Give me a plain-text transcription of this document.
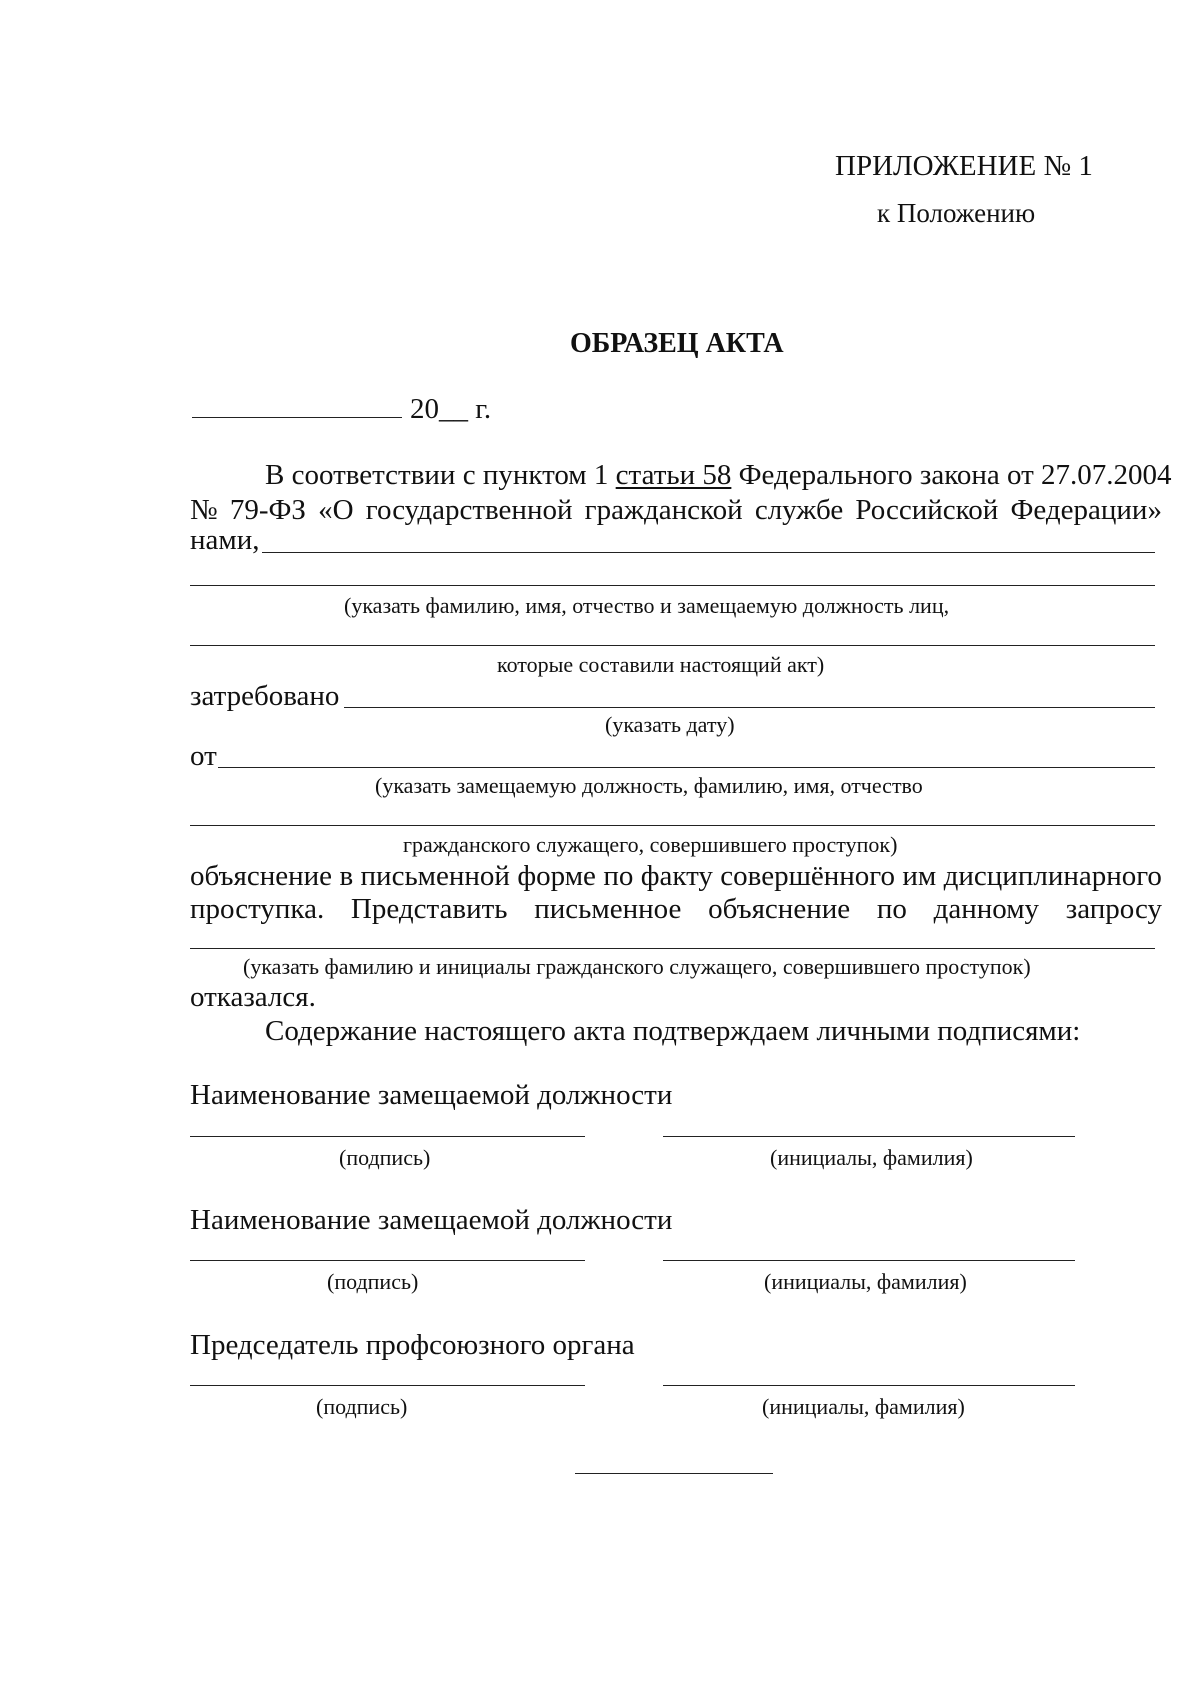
ПРИЛОЖЕНИЕ № 1
к Положению
ОБРАЗЕЦ АКТА
20__ г.
В соответствии с пунктом 1 статьи 58 Федерального закона от 27.07.2004
№ 79-ФЗ «О государственной гражданской службе Российской Федерации»
нами,
(указать фамилию, имя, отчество и замещаемую должность лиц,
которые составили настоящий акт)
затребовано
(указать дату)
от
(указать замещаемую должность, фамилию, имя, отчество
гражданского служащего, совершившего проступок)
объяснение в письменной форме по факту совершённого им дисциплинарного
проступка. Представить письменное объяснение по данному запросу
(указать фамилию и инициалы гражданского служащего, совершившего проступок)
отказался.
Содержание настоящего акта подтверждаем личными подписями:
Наименование замещаемой должности
(подпись)	(инициалы, фамилия)
Наименование замещаемой должности
(подпись)	(инициалы, фамилия)
Председатель профсоюзного органа
(подпись)	(инициалы, фамилия)
